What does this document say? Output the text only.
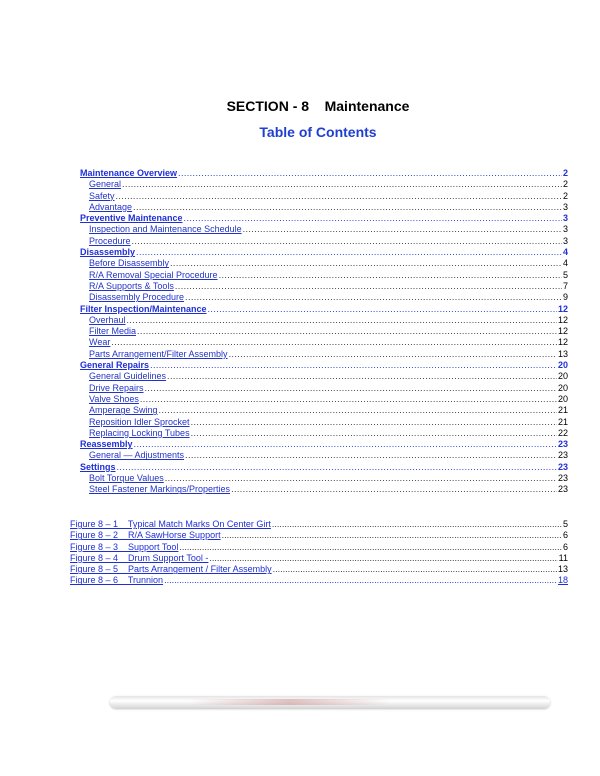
SECTION - 8 Maintenance
Table of Contents
Maintenance Overview .....	2
General .....	2
Safety .....	2
Advantage .....	3
Preventive Maintenance .....	3
Inspection and Maintenance Schedule .....	3
Procedure .....	3
Disassembly .....	4
Before Disassembly .....	4
R/A Removal Special Procedure .....	5
R/A Supports & Tools .....	7
Disassembly Procedure .....	9
Filter Inspection/Maintenance .....	12
Overhaul .....	12
Filter Media .....	12
Wear .....	12
Parts Arrangement/Filter Assembly .....	13
General Repairs .....	20
General Guidelines .....	20
Drive Repairs .....	20
Valve Shoes .....	20
Amperage Swing .....	21
Reposition Idler Sprocket .....	21
Replacing Locking Tubes .....	22
Reassembly .....	23
General — Adjustments .....	23
Settings .....	23
Bolt Torque Values .....	23
Steel Fastener Markings/Properties .....	23
Figure 8 – 1    Typical Match Marks On Center Girt .....	5
Figure 8 – 2    R/A SawHorse Support .....	6
Figure 8 – 3    Support Tool .....	6
Figure 8 – 4    Drum Support Tool - .....	11
Figure 8 – 5    Parts Arrangement / Filter Assembly .....	13
Figure 8 – 6    Trunnion .....	18
